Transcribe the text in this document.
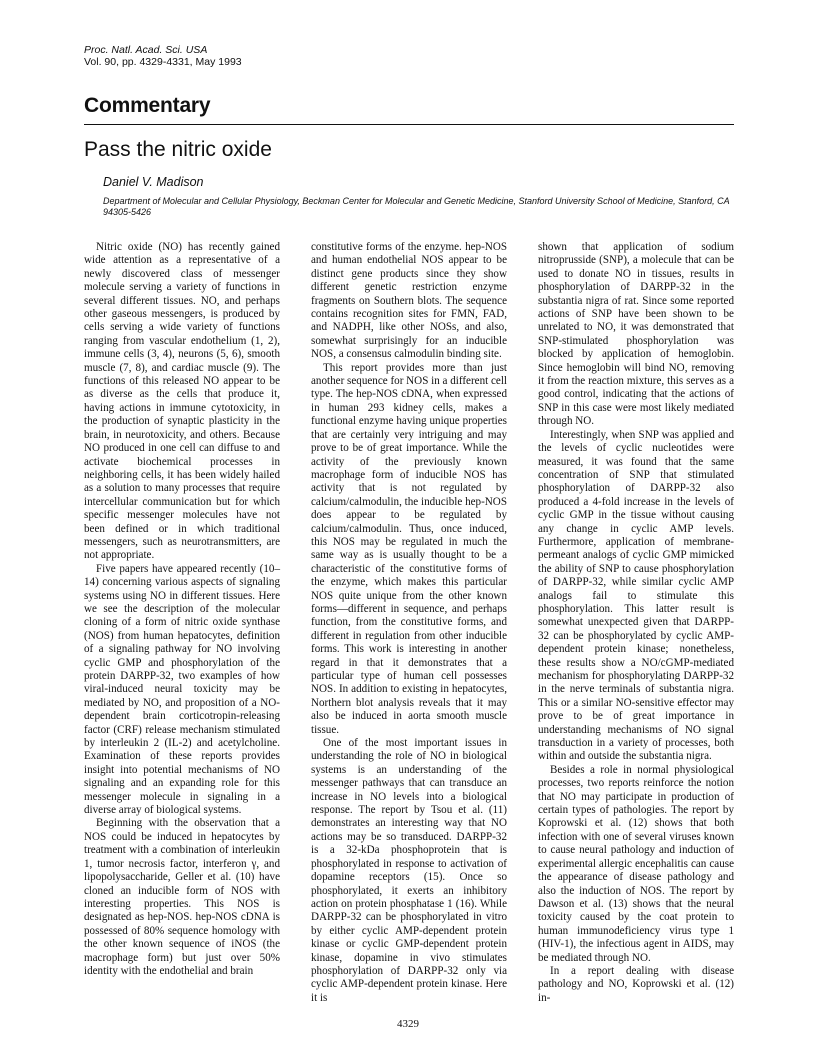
Proc. Natl. Acad. Sci. USA
Vol. 90, pp. 4329-4331, May 1993
Commentary
Pass the nitric oxide
Daniel V. Madison
Department of Molecular and Cellular Physiology, Beckman Center for Molecular and Genetic Medicine, Stanford University School of Medicine, Stanford, CA 94305-5426

Nitric oxide (NO) has recently gained wide attention as a representative of a newly discovered class of messenger molecule serving a variety of functions in several different tissues. NO, and perhaps other gaseous messengers, is produced by cells serving a wide variety of functions ranging from vascular endothelium (1, 2), immune cells (3, 4), neurons (5, 6), smooth muscle (7, 8), and cardiac muscle (9). The functions of this released NO appear to be as diverse as the cells that produce it, having actions in immune cytotoxicity, in the production of synaptic plasticity in the brain, in neurotoxicity, and others. Because NO produced in one cell can diffuse to and activate biochemical processes in neighboring cells, it has been widely hailed as a solution to many processes that require intercellular communication but for which specific messenger molecules have not been defined or in which traditional messengers, such as neurotransmitters, are not appropriate.

Five papers have appeared recently (10–14) concerning various aspects of signaling systems using NO in different tissues. Here we see the description of the molecular cloning of a form of nitric oxide synthase (NOS) from human hepatocytes, definition of a signaling pathway for NO involving cyclic GMP and phosphorylation of the protein DARPP-32, two examples of how viral-induced neural toxicity may be mediated by NO, and proposition of a NO-dependent brain corticotropin-releasing factor (CRF) release mechanism stimulated by interleukin 2 (IL-2) and acetylcholine. Examination of these reports provides insight into potential mechanisms of NO signaling and an expanding role for this messenger molecule in signaling in a diverse array of biological systems.

Beginning with the observation that a NOS could be induced in hepatocytes by treatment with a combination of interleukin 1, tumor necrosis factor, interferon γ, and lipopolysaccharide, Geller et al. (10) have cloned an inducible form of NOS with interesting properties. This NOS is designated as hep-NOS. hep-NOS cDNA is possessed of 80% sequence homology with the other known sequence of iNOS (the macrophage form) but just over 50% identity with the endothelial and brain

constitutive forms of the enzyme. hep-NOS and human endothelial NOS appear to be distinct gene products since they show different genetic restriction enzyme fragments on Southern blots. The sequence contains recognition sites for FMN, FAD, and NADPH, like other NOSs, and also, somewhat surprisingly for an inducible NOS, a consensus calmodulin binding site.

This report provides more than just another sequence for NOS in a different cell type. The hep-NOS cDNA, when expressed in human 293 kidney cells, makes a functional enzyme having unique properties that are certainly very intriguing and may prove to be of great importance. While the activity of the previously known macrophage form of inducible NOS has activity that is not regulated by calcium/calmodulin, the inducible hep-NOS does appear to be regulated by calcium/calmodulin. Thus, once induced, this NOS may be regulated in much the same way as is usually thought to be a characteristic of the constitutive forms of the enzyme, which makes this particular NOS quite unique from the other known forms—different in sequence, and perhaps function, from the constitutive forms, and different in regulation from other inducible forms. This work is interesting in another regard in that it demonstrates that a particular type of human cell possesses NOS. In addition to existing in hepatocytes, Northern blot analysis reveals that it may also be induced in aorta smooth muscle tissue.

One of the most important issues in understanding the role of NO in biological systems is an understanding of the messenger pathways that can transduce an increase in NO levels into a biological response. The report by Tsou et al. (11) demonstrates an interesting way that NO actions may be so transduced. DARPP-32 is a 32-kDa phosphoprotein that is phosphorylated in response to activation of dopamine receptors (15). Once so phosphorylated, it exerts an inhibitory action on protein phosphatase 1 (16). While DARPP-32 can be phosphorylated in vitro by either cyclic AMP-dependent protein kinase or cyclic GMP-dependent protein kinase, dopamine in vivo stimulates phosphorylation of DARPP-32 only via cyclic AMP-dependent protein kinase. Here it is

shown that application of sodium nitroprusside (SNP), a molecule that can be used to donate NO in tissues, results in phosphorylation of DARPP-32 in the substantia nigra of rat. Since some reported actions of SNP have been shown to be unrelated to NO, it was demonstrated that SNP-stimulated phosphorylation was blocked by application of hemoglobin. Since hemoglobin will bind NO, removing it from the reaction mixture, this serves as a good control, indicating that the actions of SNP in this case were most likely mediated through NO.

Interestingly, when SNP was applied and the levels of cyclic nucleotides were measured, it was found that the same concentration of SNP that stimulated phosphorylation of DARPP-32 also produced a 4-fold increase in the levels of cyclic GMP in the tissue without causing any change in cyclic AMP levels. Furthermore, application of membrane-permeant analogs of cyclic GMP mimicked the ability of SNP to cause phosphorylation of DARPP-32, while similar cyclic AMP analogs fail to stimulate this phosphorylation. This latter result is somewhat unexpected given that DARPP-32 can be phosphorylated by cyclic AMP-dependent protein kinase; nonetheless, these results show a NO/cGMP-mediated mechanism for phosphorylating DARPP-32 in the nerve terminals of substantia nigra. This or a similar NO-sensitive effector may prove to be of great importance in understanding mechanisms of NO signal transduction in a variety of processes, both within and outside the substantia nigra.

Besides a role in normal physiological processes, two reports reinforce the notion that NO may participate in production of certain types of pathologies. The report by Koprowski et al. (12) shows that both infection with one of several viruses known to cause neural pathology and induction of experimental allergic encephalitis can cause the appearance of disease pathology and also the induction of NOS. The report by Dawson et al. (13) shows that the neural toxicity caused by the coat protein to human immunodeficiency virus type 1 (HIV-1), the infectious agent in AIDS, may be mediated through NO.

In a report dealing with disease pathology and NO, Koprowski et al. (12) in-

4329
